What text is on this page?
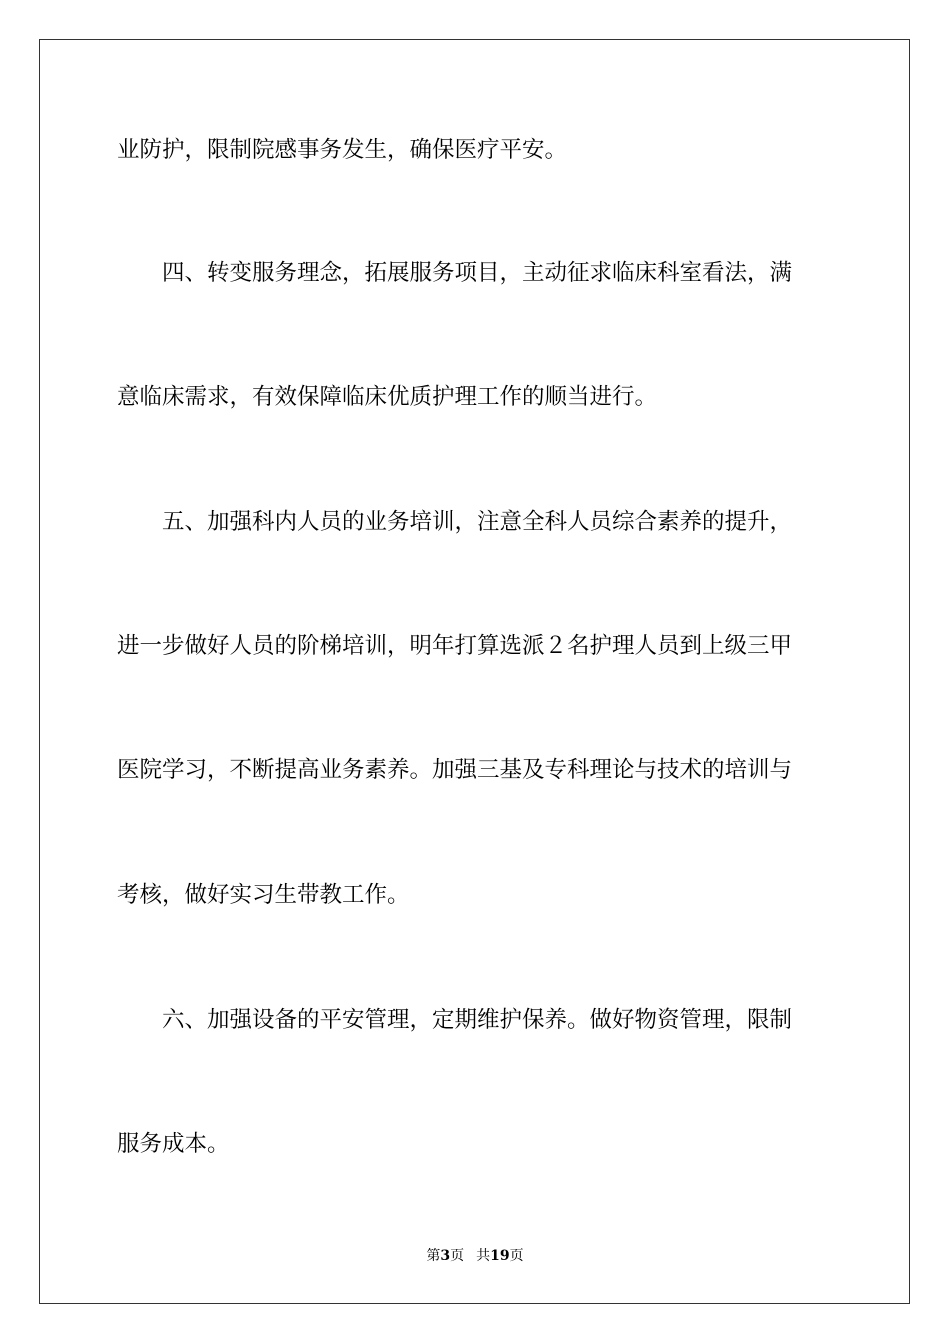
业防护，限制院感事务发生，确保医疗平安。
　　四、转变服务理念，拓展服务项目，主动征求临床科室看法，满
意临床需求，有效保障临床优质护理工作的顺当进行。
　　五、加强科内人员的业务培训，注意全科人员综合素养的提升，
进一步做好人员的阶梯培训，明年打算选派２名护理人员到上级三甲
医院学习，不断提高业务素养。加强三基及专科理论与技术的培训与
考核，做好实习生带教工作。
　　六、加强设备的平安管理，定期维护保养。做好物资管理，限制
服务成本。
第3页 共19页
